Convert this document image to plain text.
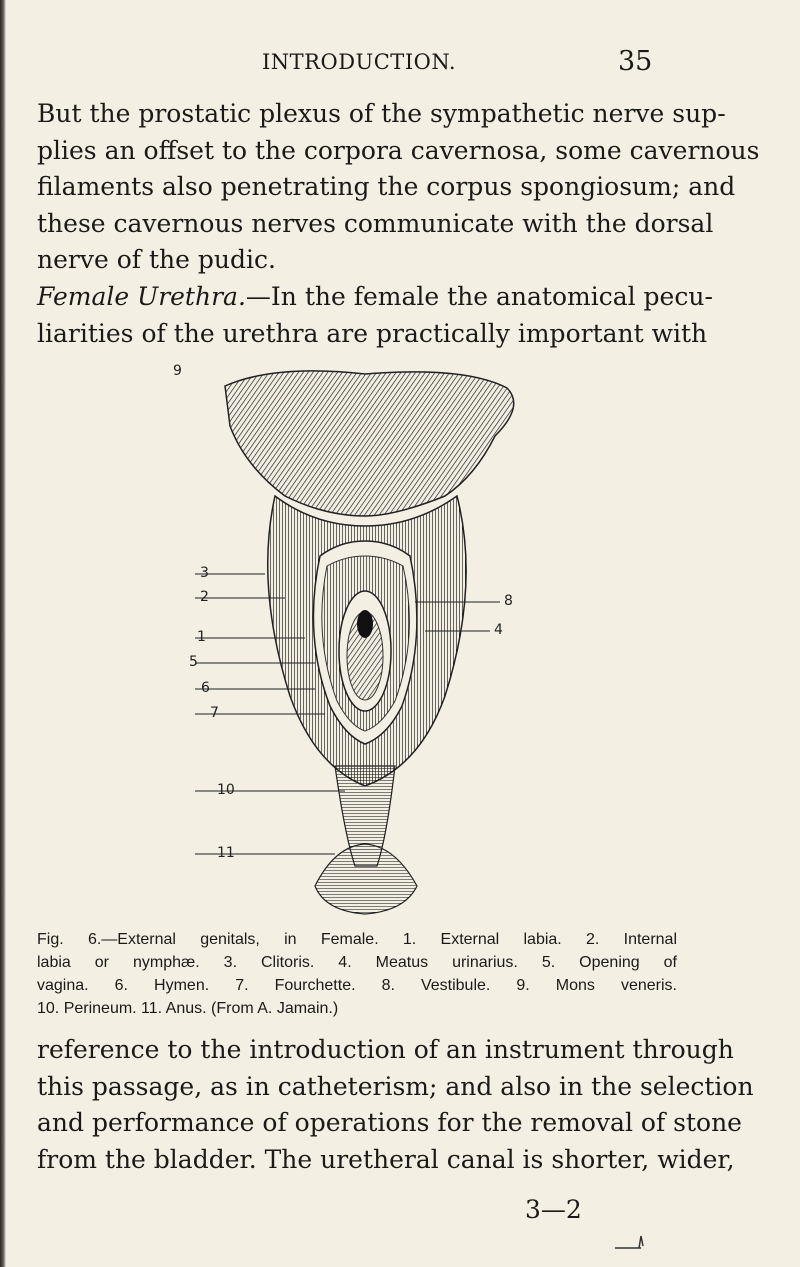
INTRODUCTION.	35
But the prostatic plexus of the sympathetic nerve sup-
plies an offset to the corpora cavernosa, some cavernous
filaments also penetrating the corpus spongiosum; and
these cavernous nerves communicate with the dorsal
nerve of the pudic.
Female Urethra.—In the female the anatomical pecu-
liarities of the urethra are practically important with
9
3
2
1
5
6
7
10
11
8
4

Fig. 6.—External genitals, in Female. 1. External labia. 2. Internal
labia or nymphæ. 3. Clitoris. 4. Meatus urinarius. 5. Opening of
vagina. 6. Hymen. 7. Fourchette. 8. Vestibule. 9. Mons veneris.
10. Perineum. 11. Anus. (From A. Jamain.)

reference to the introduction of an instrument through
this passage, as in catheterism; and also in the selection
and performance of operations for the removal of stone
from the bladder. The uretheral canal is shorter, wider,
3—2
